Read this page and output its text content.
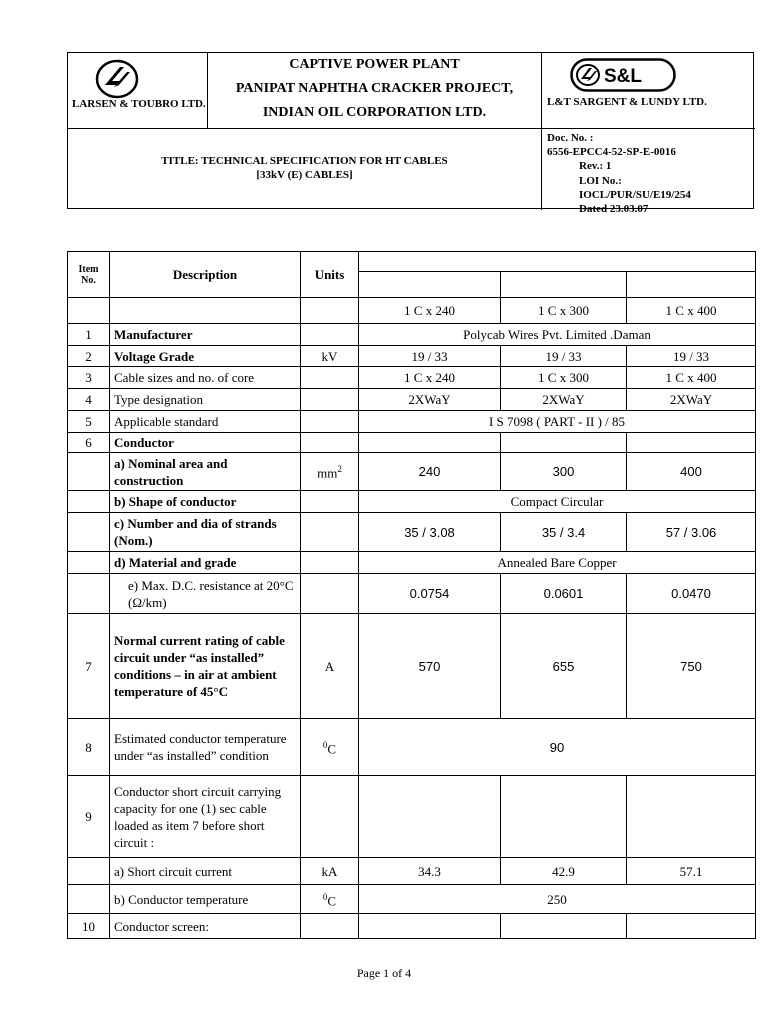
LARSEN & TOUBRO LTD.
CAPTIVE POWER PLANT
PANIPAT NAPHTHA CRACKER PROJECT,
INDIAN OIL CORPORATION LTD.
S&L
L&T SARGENT & LUNDY LTD.
TITLE: TECHNICAL SPECIFICATION FOR HT CABLES
[33kV (E) CABLES]
Doc. No. :
6556-EPCC4-52-SP-E-0016
Rev.: 1
LOI No.:
IOCL/PUR/SU/E19/254
Dated 23.03.07
Item No.	Description	Units			

			1 C x 240	1 C x 300	1 C x 400
1	Manufacturer		Polycab Wires Pvt. Limited .Daman		
2	Voltage Grade	kV	19 / 33	19 / 33	19 / 33
3	Cable sizes and no. of core		1 C x 240	1 C x 300	1 C x 400
4	Type designation		2XWaY	2XWaY	2XWaY
5	Applicable standard		I S 7098 ( PART - II ) / 85		
6	Conductor				
	a) Nominal area and construction	$mm^2$	240	300	400
	b) Shape of conductor		Compact Circular		
	c) Number and dia of strands (Nom.)		35 / 3.08	35 / 3.4	57 / 3.06
	d) Material and grade		Annealed Bare Copper		
	e) Max. D.C. resistance at 20°C (Ω/km)		0.0754	0.0601	0.0470
7	Normal current rating of cable circuit under “as installed” conditions – in air at ambient temperature of 45°C	A	570	655	750
8	Estimated conductor temperature under “as installed” condition	$^0$C	90		
9	Conductor short circuit carrying capacity for one (1) sec cable loaded as item 7 before short circuit :				
	a) Short circuit current	kA	34.3	42.9	57.1
	b) Conductor temperature	$^0$C	250		
10	Conductor screen:				
Page 1 of 4
